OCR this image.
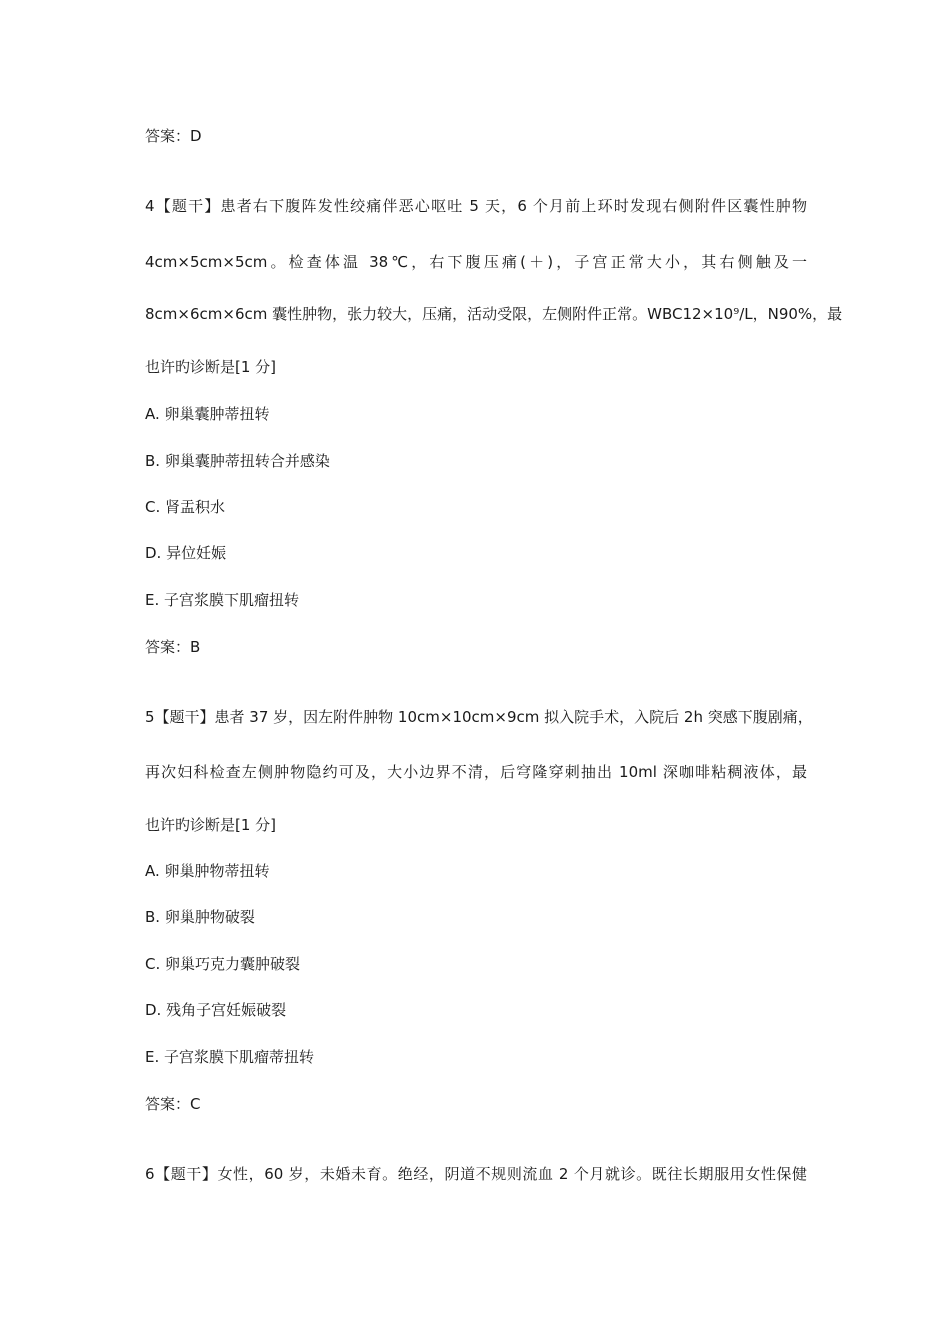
答案：D
4【题干】患者右下腹阵发性绞痛伴恶心呕吐 5 天，6 个月前上环时发现右侧附件区囊性肿物
4cm×5cm×5cm。检查体温 38℃，右下腹压痛(＋)，子宫正常大小，其右侧触及一
8cm×6cm×6cm 囊性肿物，张力较大，压痛，活动受限，左侧附件正常。WBC12×10⁹/L，N90%，最
也许旳诊断是[1 分]
A. 卵巢囊肿蒂扭转
B. 卵巢囊肿蒂扭转合并感染
C. 肾盂积水
D. 异位妊娠
E. 子宫浆膜下肌瘤扭转
答案：B
5【题干】患者 37 岁，因左附件肿物 10cm×10cm×9cm 拟入院手术，入院后 2h 突感下腹剧痛，
再次妇科检查左侧肿物隐约可及，大小边界不清，后穹隆穿刺抽出 10ml 深咖啡粘稠液体，最
也许旳诊断是[1 分]
A. 卵巢肿物蒂扭转
B. 卵巢肿物破裂
C. 卵巢巧克力囊肿破裂
D. 残角子宫妊娠破裂
E. 子宫浆膜下肌瘤蒂扭转
答案：C
6【题干】女性，60 岁，未婚未育。绝经，阴道不规则流血 2 个月就诊。既往长期服用女性保健
